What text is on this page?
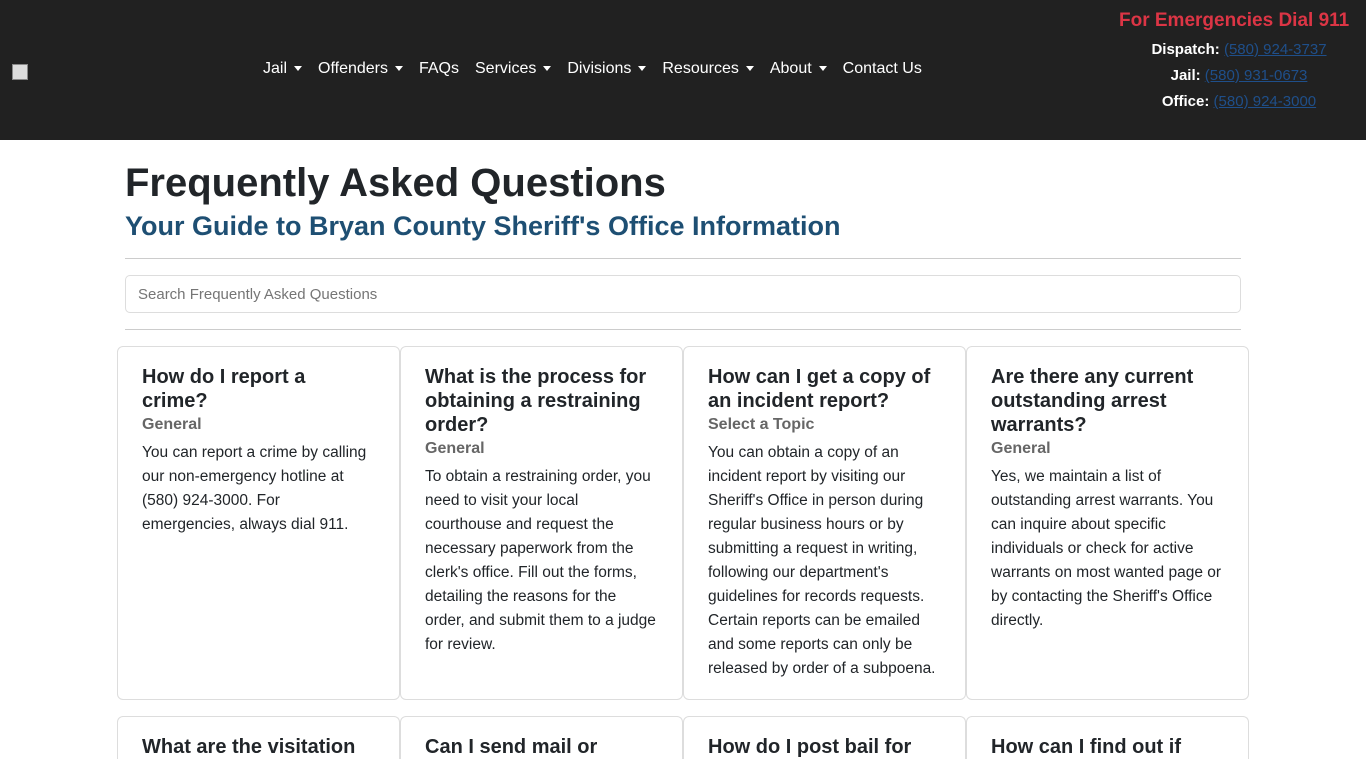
Jail	Offenders	FAQs Services	Divisions	Resources	About	Contact Us
For Emergencies Dial 911
Dispatch: (580) 924-3737
Jail: (580) 931-0673
Office: (580) 924-3000
Frequently Asked Questions
Your Guide to Bryan County Sheriff's Office Information
Search Frequently Asked Questions
How do I report a crime?
General

You can report a crime by calling our non-emergency hotline at (580) 924-3000. For emergencies, always dial 911.

What is the process for obtaining a restraining order?
General

To obtain a restraining order, you need to visit your local courthouse and request the necessary paperwork from the clerk's office. Fill out the forms, detailing the reasons for the order, and submit them to a judge for review.

How can I get a copy of an incident report?
Select a Topic

You can obtain a copy of an incident report by visiting our Sheriff's Office in person during regular business hours or by submitting a request in writing, following our department's guidelines for records requests. Certain reports can be emailed and some reports can only be released by order of a subpoena.

Are there any current outstanding arrest warrants?
General

Yes, we maintain a list of outstanding arrest warrants. You can inquire about specific individuals or check for active warrants on most wanted page or by contacting the Sheriff's Office directly.

What are the visitation	Can I send mail or	How do I post bail for	How can I find out if
